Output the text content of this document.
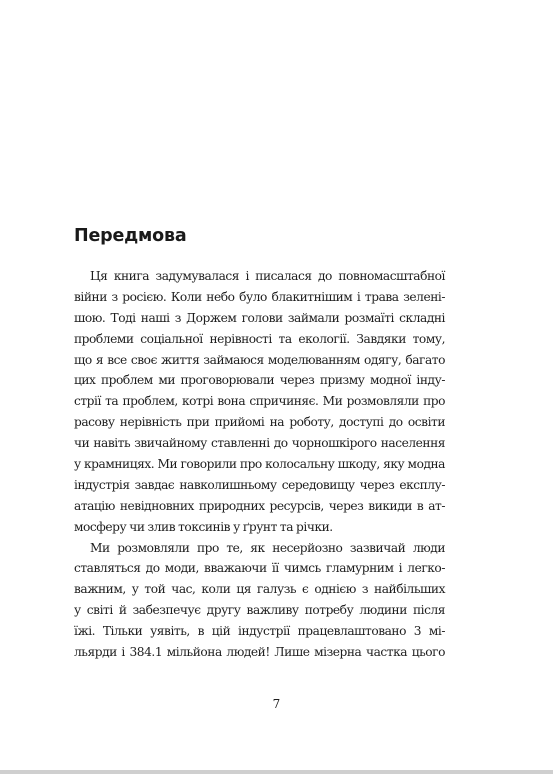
Передмова
Ця книга задумувалася і писалася до повномасштабної
війни з росією. Коли небо було блакитнішим і трава зелені-
шою. Тоді наші з Доржем голови займали розмаїті складні
проблеми соціальної нерівності та екології. Завдяки тому,
що я все своє життя займаюся моделюванням одягу, багато
цих проблем ми проговорювали через призму модної інду-
стрії та проблем, котрі вона спричиняє. Ми розмовляли про
расову нерівність при прийомі на роботу, доступі до освіти
чи навіть звичайному ставленні до чорношкірого населення
у крамницях. Ми говорили про колосальну шкоду, яку модна
індустрія завдає навколишньому середовищу через експлу-
атацію невідновних природних ресурсів, через викиди в ат-
мосферу чи злив токсинів у ґрунт та річки.
Ми розмовляли про те, як несерйозно зазвичай люди
ставляться до моди, вважаючи її чимсь гламурним і легко-
важним, у той час, коли ця галузь є однією з найбільших
у світі й забезпечує другу важливу потребу людини після
їжі. Тільки уявіть, в цій індустрії працевлаштовано 3 мі-
льярди і 384.1 мільйона людей! Лише мізерна частка цього
7
